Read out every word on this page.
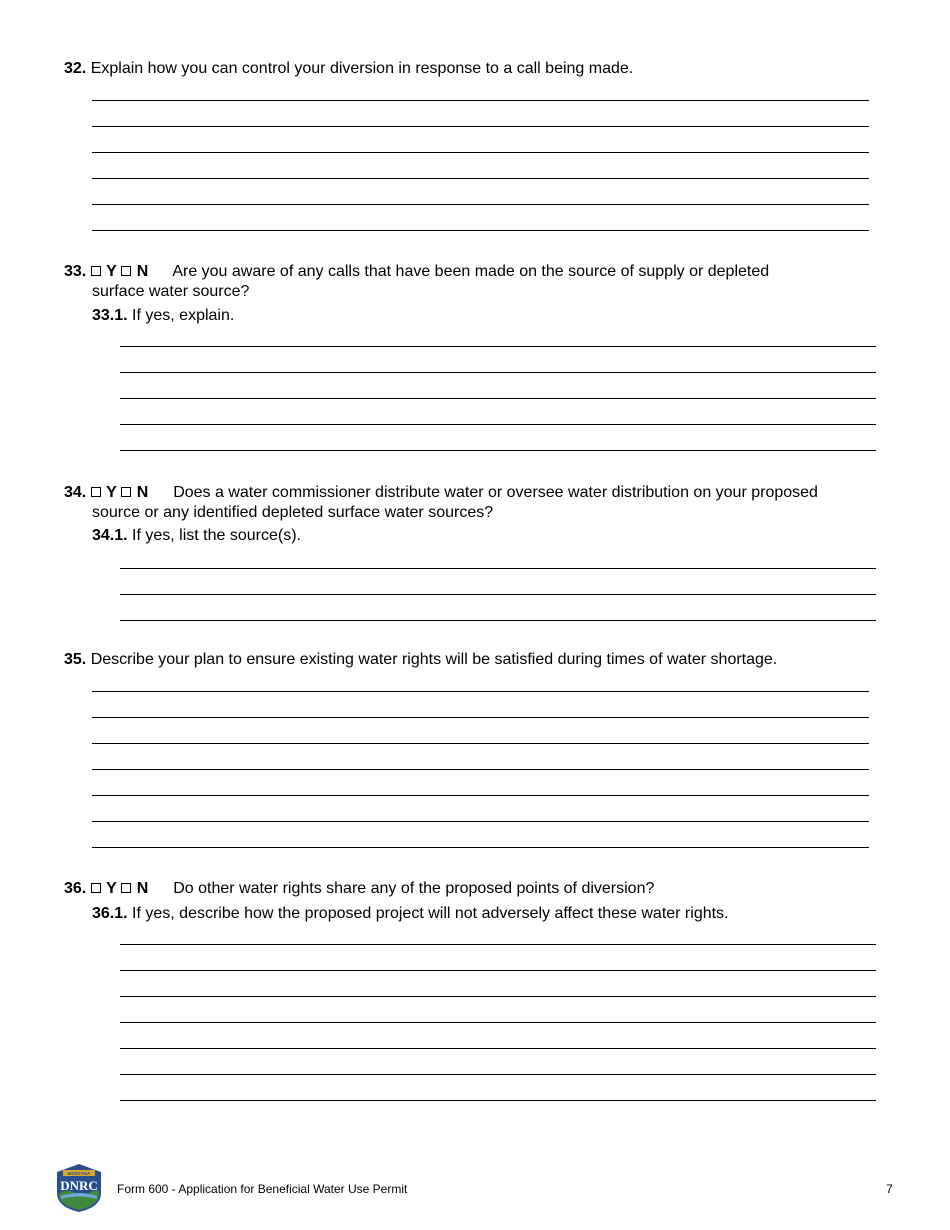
32. Explain how you can control your diversion in response to a call being made.
33. Y N Are you aware of any calls that have been made on the source of supply or depleted
surface water source?
33.1. If yes, explain.
34. Y N Does a water commissioner distribute water or oversee water distribution on your proposed
source or any identified depleted surface water sources?
34.1. If yes, list the source(s).
35. Describe your plan to ensure existing water rights will be satisfied during times of water shortage.
36. Y N Do other water rights share any of the proposed points of diversion?
36.1. If yes, describe how the proposed project will not adversely affect these water rights.
MONTANA
DNRC Form 600 - Application for Beneficial Water Use Permit	7
